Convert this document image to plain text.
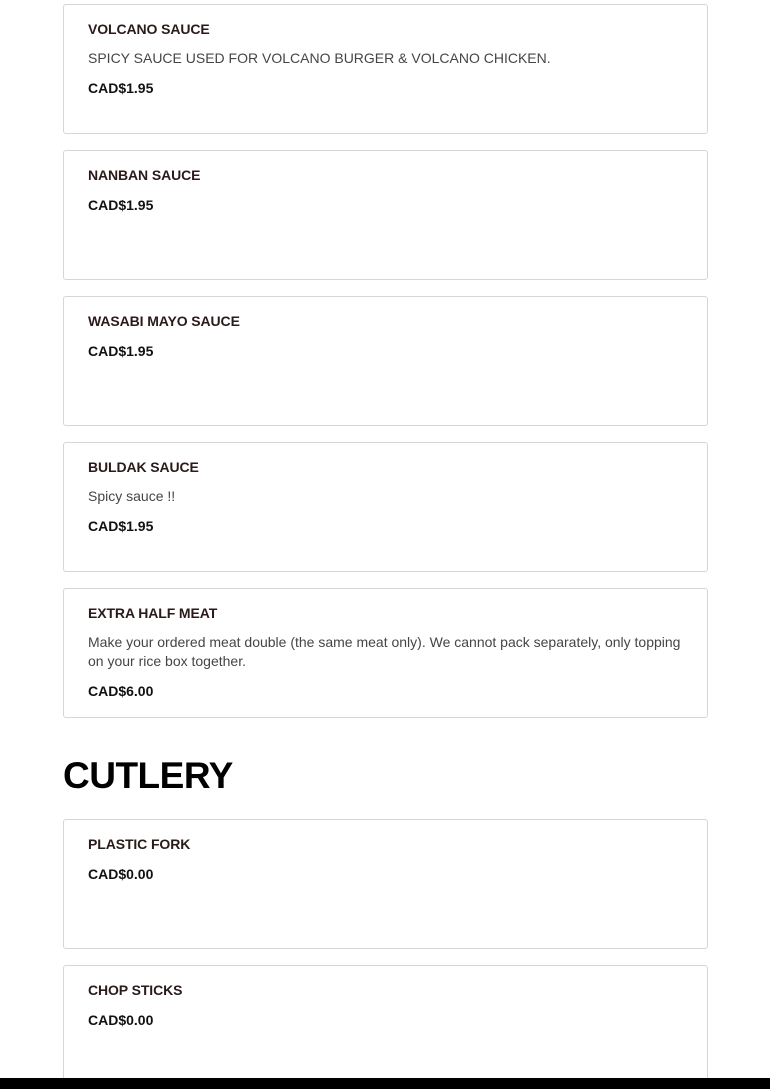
VOLCANO SAUCE
SPICY SAUCE USED FOR VOLCANO BURGER & VOLCANO CHICKEN.
CAD$1.95
NANBAN SAUCE
CAD$1.95
WASABI MAYO SAUCE
CAD$1.95
BULDAK SAUCE
Spicy sauce !!
CAD$1.95
EXTRA HALF MEAT
Make your ordered meat double (the same meat only). We cannot pack separately, only topping on your rice box together.
CAD$6.00
CUTLERY
PLASTIC FORK
CAD$0.00
CHOP STICKS
CAD$0.00
